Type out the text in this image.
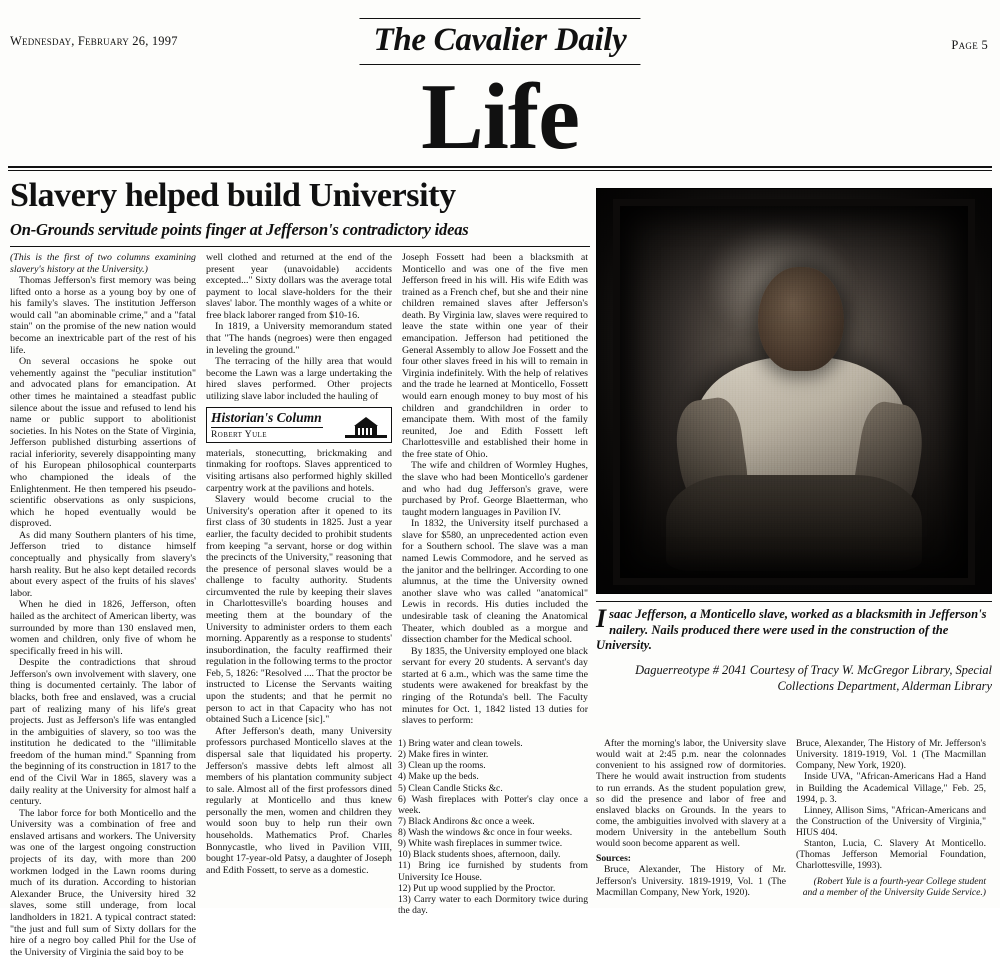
Wednesday, February 26, 1997	The Cavalier Daily	Page 5
Life
Slavery helped build University
On-Grounds servitude points finger at Jefferson's contradictory ideas
Isaac Jefferson, a Monticello slave, worked as a blacksmith in Jefferson's nailery. Nails produced there were used in the construction of the University.
Daguerreotype # 2041 Courtesy of Tracy W. McGregor Library, Special Collections Department, Alderman Library

(This is the first of two columns examining slavery's history at the University.)

Thomas Jefferson's first memory was being lifted onto a horse as a young boy by one of his family's slaves. The institution Jefferson would call "an abominable crime," and a "fatal stain" on the promise of the new nation would become an inextricable part of the rest of his life.

On several occasions he spoke out vehemently against the "peculiar institution" and advocated plans for emancipation. At other times he maintained a steadfast public silence about the issue and refused to lend his name or public support to abolitionist societies. In his Notes on the State of Virginia, Jefferson published disturbing assertions of racial inferiority, severely disappointing many of his European philosophical counterparts who championed the ideals of the Enlightenment. He then tempered his pseudo-scientific observations as only suspicions, which he hoped eventually would be disproved.

As did many Southern planters of his time, Jefferson tried to distance himself conceptually and physically from slavery's harsh reality. But he also kept detailed records about every aspect of the fruits of his slaves' labor.

When he died in 1826, Jefferson, often hailed as the architect of American liberty, was surrounded by more than 130 enslaved men, women and children, only five of whom he specifically freed in his will.

Despite the contradictions that shroud Jefferson's own involvement with slavery, one thing is documented certainly. The labor of blacks, both free and enslaved, was a crucial part of realizing many of his life's great projects. Just as Jefferson's life was entangled in the ambiguities of slavery, so too was the institution he dedicated to the "illimitable freedom of the human mind." Spanning from the beginning of its construction in 1817 to the end of the Civil War in 1865, slavery was a daily reality at the University for almost half a century.

The labor force for both Monticello and the University was a combination of free and enslaved artisans and workers. The University was one of the largest ongoing construction projects of its day, with more than 200 workmen lodged in the Lawn rooms during much of its duration. According to historian Alexander Bruce, the University hired 32 slaves, some still underage, from local landholders in 1821. A typical contract stated: "the just and full sum of Sixty dollars for the hire of a negro boy called Phil for the Use of the University of Virginia the said boy to be

well clothed and returned at the end of the present year (unavoidable) accidents excepted..." Sixty dollars was the average total payment to local slave-holders for the their slaves' labor. The monthly wages of a white or free black laborer ranged from $10-16.

In 1819, a University memorandum stated that "The hands (negroes) were then engaged in leveling the ground."

The terracing of the hilly area that would become the Lawn was a large undertaking the hired slaves performed. Other projects utilizing slave labor included the hauling of

Historian's Column
Robert Yule

materials, stonecutting, brickmaking and tinmaking for rooftops. Slaves apprenticed to visiting artisans also performed highly skilled carpentry work at the pavilions and hotels.

Slavery would become crucial to the University's operation after it opened to its first class of 30 students in 1825. Just a year earlier, the faculty decided to prohibit students from keeping "a servant, horse or dog within the precincts of the University," reasoning that the presence of personal slaves would be a challenge to faculty authority. Students circumvented the rule by keeping their slaves in Charlottesville's boarding houses and meeting them at the boundary of the University to administer orders to them each morning. Apparently as a response to students' insubordination, the faculty reaffirmed their regulation in the following terms to the proctor Feb, 5, 1826: "Resolved .... That the proctor be instructed to License the Servants waiting upon the students; and that he permit no person to act in that Capacity who has not obtained Such a Licence [sic]."

After Jefferson's death, many University professors purchased Monticello slaves at the dispersal sale that liquidated his property. Jefferson's massive debts left almost all members of his plantation community subject to sale. Almost all of the first professors dined regularly at Monticello and thus knew personally the men, women and children they would soon buy to help run their own households. Mathematics Prof. Charles Bonnycastle, who lived in Pavilion VIII, bought 17-year-old Patsy, a daughter of Joseph and Edith Fossett, to serve as a domestic.

Joseph Fossett had been a blacksmith at Monticello and was one of the five men Jefferson freed in his will. His wife Edith was trained as a French chef, but she and their nine children remained slaves after Jefferson's death. By Virginia law, slaves were required to leave the state within one year of their emancipation. Jefferson had petitioned the General Assembly to allow Joe Fossett and the four other slaves freed in his will to remain in Virginia indefinitely. With the help of relatives and the trade he learned at Monticello, Fossett would earn enough money to buy most of his children and grandchildren in order to emancipate them. With most of the family reunited, Joe and Edith Fossett left Charlottesville and established their home in the free state of Ohio.

The wife and children of Wormley Hughes, the slave who had been Monticello's gardener and who had dug Jefferson's grave, were purchased by Prof. George Blaetterman, who taught modern languages in Pavilion IV.

In 1832, the University itself purchased a slave for $580, an unprecedented action even for a Southern school. The slave was a man named Lewis Commodore, and he served as the janitor and the bellringer. According to one alumnus, at the time the University owned another slave who was called "anatomical" Lewis in records. His duties included the undesirable task of cleaning the Anatomical Theater, which doubled as a morgue and dissection chamber for the Medical school.

By 1835, the University employed one black servant for every 20 students. A servant's day started at 6 a.m., which was the same time the students were awakened for breakfast by the ringing of the Rotunda's bell. The Faculty minutes for Oct. 1, 1842 listed 13 duties for slaves to perform:

1) Bring water and clean towels.

2) Make fires in winter.

3) Clean up the rooms.

4) Make up the beds.

5) Clean Candle Sticks &c.

6) Wash fireplaces with Potter's clay once a week.

7) Black Andirons &c once a week.

8) Wash the windows &c once in four weeks.

9) White wash fireplaces in summer twice.

10) Black students shoes, afternoon, daily.

11) Bring ice furnished by students from University Ice House.

12) Put up wood supplied by the Proctor.

13) Carry water to each Dormitory twice during the day.

After the morning's labor, the University slave would wait at 2:45 p.m. near the colonnades convenient to his assigned row of dormitories. There he would await instruction from students to run errands. As the student population grew, so did the presence and labor of free and enslaved blacks on Grounds. In the years to come, the ambiguities involved with slavery at a modern University in the antebellum South would soon become apparent as well.

Sources:

Bruce, Alexander, The History of Mr. Jefferson's University. 1819-1919, Vol. 1 (The Macmillan Company, New York, 1920).

Bruce, Alexander, The History of Mr. Jefferson's University. 1819-1919, Vol. 1 (The Macmillan Company, New York, 1920).

Inside UVA, "African-Americans Had a Hand in Building the Academical Village," Feb. 25, 1994, p. 3.

Linney, Allison Sims, "African-Americans and the Construction of the University of Virginia," HIUS 404.

Stanton, Lucia, C. Slavery At Monticello. (Thomas Jefferson Memorial Foundation, Charlottesville, 1993).

(Robert Yule is a fourth-year College student and a member of the University Guide Service.)
